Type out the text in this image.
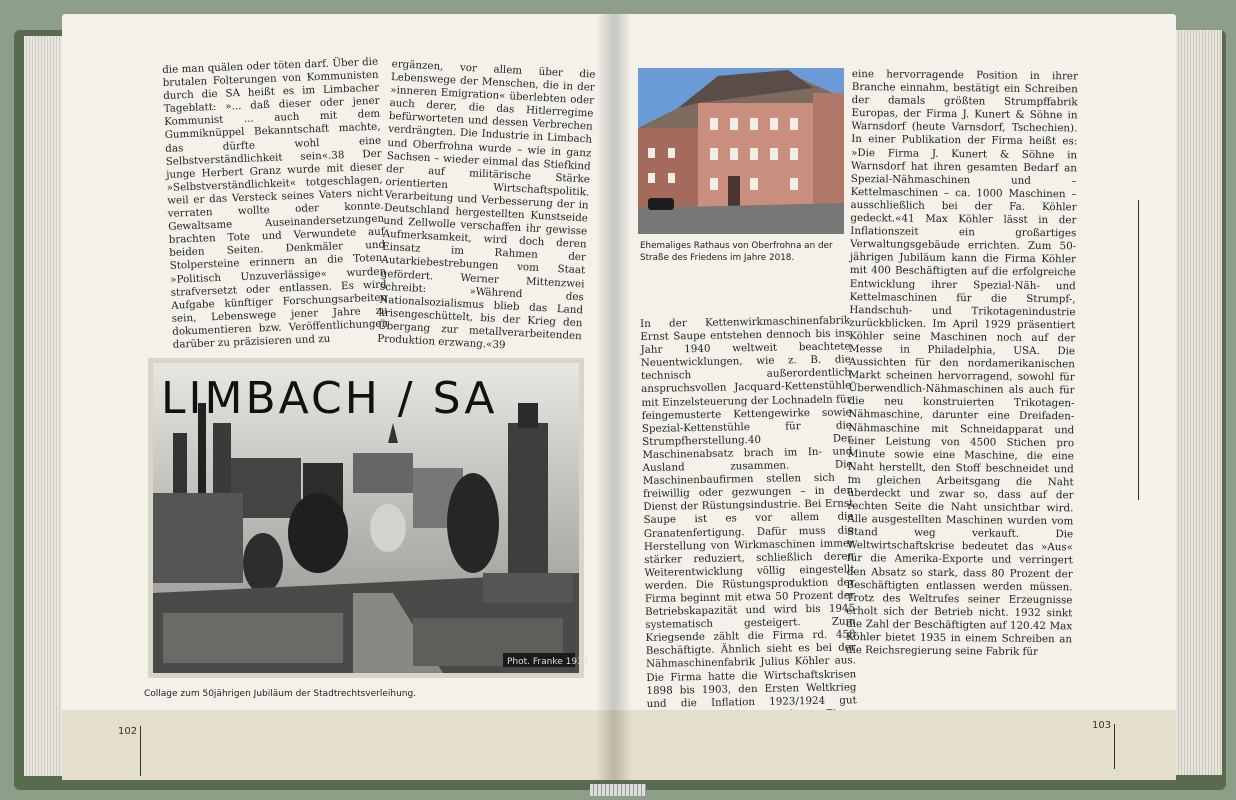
die man quälen oder töten darf. Über die brutalen Folterungen von Kommunisten durch die SA heißt es im Limbacher Tageblatt: »... daß dieser oder jener Kommunist ... auch mit dem Gummiknüppel Bekanntschaft machte, das dürfte wohl eine Selbstverständlichkeit sein«.38 Der junge Herbert Granz wurde mit dieser »Selbstverständlichkeit« totgeschlagen, weil er das Versteck seines Vaters nicht verraten wollte oder konnte. Gewaltsame Auseinandersetzungen brachten Tote und Verwundete auf beiden Seiten. Denkmäler und Stolpersteine erinnern an die Toten. »Politisch Unzuverlässige« wurden strafversetzt oder entlassen. Es wird Aufgabe künftiger Forschungsarbeiten sein, Lebenswege jener Jahre zu dokumentieren bzw. Veröffentlichungen darüber zu präzisieren und zu

ergänzen, vor allem über die Lebenswege der Menschen, die in der »inneren Emigration« überlebten oder auch derer, die das Hitlerregime befürworteten und dessen Verbrechen verdrängten. Die Industrie in Limbach und Oberfrohna wurde – wie in ganz Sachsen – wieder einmal das Stiefkind der auf militärische Stärke orientierten Wirtschaftspolitik. Verarbeitung und Verbesserung der in Deutschland hergestellten Kunstseide und Zellwolle verschaffen ihr gewisse Aufmerksamkeit, wird doch deren Einsatz im Rahmen der Autarkiebestrebungen vom Staat gefördert. Werner Mittenzwei schreibt: »Während des Nationalsozialismus blieb das Land krisengeschüttelt, bis der Krieg den Übergang zur metallverarbeitenden Produktion erzwang.«39

LIMBACH / SA
Phot. Franke 1937
Collage zum 50jährigen Jubiläum der Stadtrechtsverleihung.
102
Ehemaliges Rathaus von Oberfrohna an der Straße des Friedens im Jahre 2018.

In der Kettenwirkmaschinenfabrik Ernst Saupe entstehen dennoch bis ins Jahr 1940 weltweit beachtete Neuentwicklungen, wie z. B. die technisch außerordentlich anspruchsvollen Jacquard-Kettenstühle mit Einzelsteuerung der Lochnadeln für feingemusterte Kettengewirke sowie Spezial-Kettenstühle für die Strumpfherstellung.40 Der Maschinenabsatz brach im In- und Ausland zusammen. Die Maschinenbaufirmen stellen sich – freiwillig oder gezwungen – in den Dienst der Rüstungsindustrie. Bei Ernst Saupe ist es vor allem die Granatenfertigung. Dafür muss die Herstellung von Wirkmaschinen immer stärker reduziert, schließlich deren Weiterentwicklung völlig eingestellt werden. Die Rüstungsproduktion der Firma beginnt mit etwa 50 Prozent der Betriebskapazität und wird bis 1945 systematisch gesteigert. Zum Kriegsende zählt die Firma rd. 450 Beschäftigte. Ähnlich sieht es bei der Nähmaschinenfabrik Julius Köhler aus. Die Firma hatte die Wirtschaftskrisen 1898 bis 1903, den Ersten Weltkrieg und die Inflation 1923/1924 gut

eine hervorragende Position in ihrer Branche einnahm, bestätigt ein Schreiben der damals größten Strumpffabrik Europas, der Firma J. Kunert & Söhne in Warnsdorf (heute Varnsdorf, Tschechien). In einer Publikation der Firma heißt es: »Die Firma J. Kunert & Söhne in Warnsdorf hat ihren gesamten Bedarf an Spezial-Nähmaschinen und – Kettelmaschinen – ca. 1000 Maschinen – ausschließlich bei der Fa. Köhler gedeckt.«41 Max Köhler lässt in der Inflationszeit ein großartiges Verwaltungsgebäude errichten. Zum 50-jährigen Jubiläum kann die Firma Köhler mit 400 Beschäftigten auf die erfolgreiche Entwicklung ihrer Spezial-Näh- und Kettelmaschinen für die Strumpf-, Handschuh- und Trikotagenindustrie zurückblicken. Im April 1929 präsentiert Köhler seine Maschinen noch auf der Messe in Philadelphia, USA. Die Aussichten für den nordamerikanischen Markt scheinen hervorragend, sowohl für Überwendlich-Nähmaschinen als auch für die neu konstruierten Trikotagen-Nähmaschine, darunter eine Dreifaden-Nähmaschine mit Schneidapparat und einer Leistung von 4500 Stichen pro Minute sowie eine Maschine, die eine Naht herstellt, den Stoff beschneidet und im gleichen Arbeitsgang die Naht überdeckt und zwar so, dass auf der rechten Seite die Naht unsichtbar wird. Alle ausgestellten Maschinen wurden vom Stand weg verkauft. Die Weltwirtschaftskrise bedeutet das »Aus« für die Amerika-Exporte und verringert den Absatz so stark, dass 80 Prozent der Beschäftigten entlassen werden müssen. Trotz des Weltrufes seiner Erzeugnisse erholt sich der Betrieb nicht. 1932 sinkt die Zahl der Beschäftigten auf 120.42 Max Köhler bietet 1935 in einem Schreiben an die Reichsregierung seine Fabrik für

103
